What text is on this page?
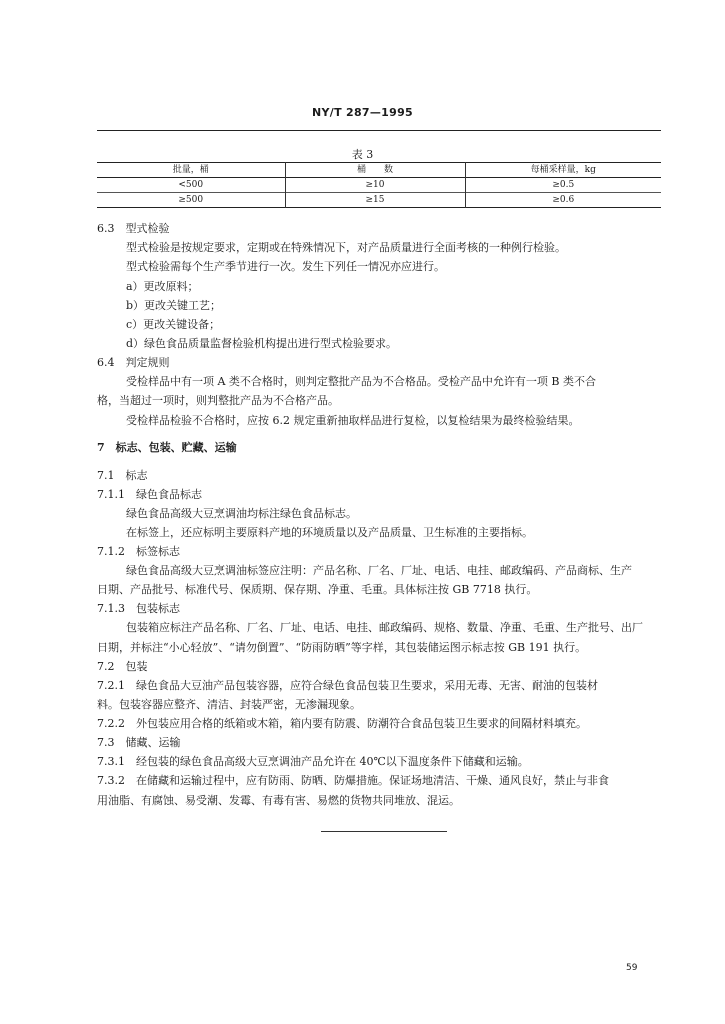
NY/T 287—1995
表 3
批量，桶	桶　　数	每桶采样量，kg
<500	≥10	≥0.5
≥500	≥15	≥0.6
6.3　型式检验
型式检验是按规定要求，定期或在特殊情况下，对产品质量进行全面考核的一种例行检验。
型式检验需每个生产季节进行一次。发生下列任一情况亦应进行。
a）更改原料；
b）更改关键工艺；
c）更改关键设备；
d）绿色食品质量监督检验机构提出进行型式检验要求。
6.4　判定规则
受检样品中有一项 A 类不合格时，则判定整批产品为不合格品。受检产品中允许有一项 B 类不合
格，当超过一项时，则判整批产品为不合格产品。
受检样品检验不合格时，应按 6.2 规定重新抽取样品进行复检，以复检结果为最终检验结果。
7　标志、包装、贮藏、运输
7.1　标志
7.1.1　绿色食品标志
绿色食品高级大豆烹调油均标注绿色食品标志。
在标签上，还应标明主要原料产地的环境质量以及产品质量、卫生标准的主要指标。
7.1.2　标签标志
绿色食品高级大豆烹调油标签应注明：产品名称、厂名、厂址、电话、电挂、邮政编码、产品商标、生产
日期、产品批号、标准代号、保质期、保存期、净重、毛重。具体标注按 GB 7718 执行。
7.1.3　包装标志
包装箱应标注产品名称、厂名、厂址、电话、电挂、邮政编码、规格、数量、净重、毛重、生产批号、出厂
日期，并标注“小心轻放”、“请勿倒置”、“防雨防晒”等字样，其包装储运图示标志按 GB 191 执行。
7.2　包装
7.2.1　绿色食品大豆油产品包装容器，应符合绿色食品包装卫生要求，采用无毒、无害、耐油的包装材
料。包装容器应整齐、清洁、封装严密，无渗漏现象。
7.2.2　外包装应用合格的纸箱或木箱，箱内要有防震、防潮符合食品包装卫生要求的间隔材料填充。
7.3　储藏、运输
7.3.1　经包装的绿色食品高级大豆烹调油产品允许在 40℃以下温度条件下储藏和运输。
7.3.2　在储藏和运输过程中，应有防雨、防晒、防爆措施。保证场地清洁、干燥、通风良好，禁止与非食
用油脂、有腐蚀、易受潮、发霉、有毒有害、易燃的货物共同堆放、混运。
59
